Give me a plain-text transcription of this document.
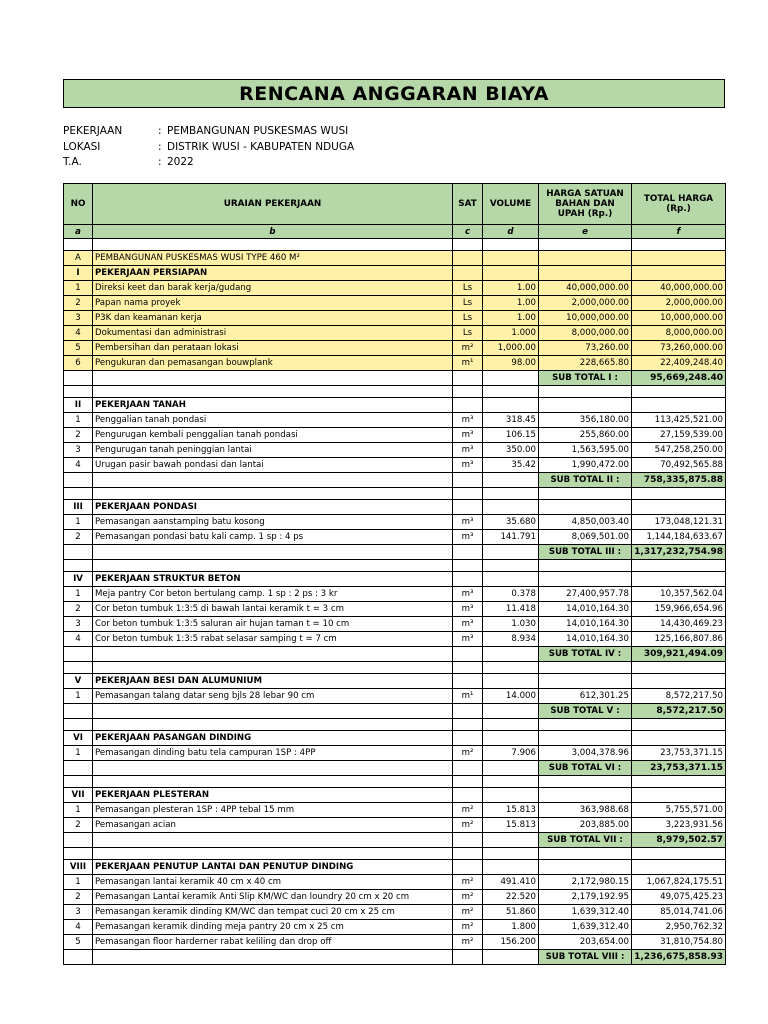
RENCANA ANGGARAN BIAYA
PEKERJAAN	: PEMBANGUNAN PUSKESMAS WUSI
LOKASI	: DISTRIK WUSI - KABUPATEN NDUGA
T.A.	: 2022
NO	URAIAN PEKERJAAN	SAT	VOLUME	HARGA SATUAN BAHAN DAN UPAH (Rp.)	TOTAL HARGA (Rp.)
a	b	c	d	e	f

A	PEMBANGUNAN PUSKESMAS WUSI TYPE 460 M²				
I	PEKERJAAN PERSIAPAN				
1	Direksi keet dan barak kerja/gudang	Ls	1.00	40,000,000.00	40,000,000.00
2	Papan nama proyek	Ls	1.00	2,000,000.00	2,000,000.00
3	P3K dan keamanan kerja	Ls	1.00	10,000,000.00	10,000,000.00
4	Dokumentasi dan administrasi	Ls	1.000	8,000,000.00	8,000,000.00
5	Pembersihan dan perataan lokasi	m²	1,000.00	73,260.00	73,260,000.00
6	Pengukuran dan pemasangan bouwplank	m¹	98.00	228,665.80	22,409,248.40
				SUB TOTAL I :	95,669,248.40

II	PEKERJAAN TANAH				
1	Penggalian tanah pondasi	m³	318.45	356,180.00	113,425,521.00
2	Pengurugan kembali penggalian tanah pondasi	m³	106.15	255,860.00	27,159,539.00
3	Pengurugan tanah peninggian lantai	m³	350.00	1,563,595.00	547,258,250.00
4	Urugan pasir bawah pondasi dan lantai	m³	35.42	1,990,472.00	70,492,565.88
				SUB TOTAL II :	758,335,875.88

III	PEKERJAAN PONDASI				
1	Pemasangan aanstamping batu kosong	m³	35.680	4,850,003.40	173,048,121.31
2	Pemasangan pondasi batu kali camp. 1 sp : 4 ps	m³	141.791	8,069,501.00	1,144,184,633.67
				SUB TOTAL III :	1,317,232,754.98

IV	PEKERJAAN STRUKTUR BETON				
1	Meja pantry Cor beton bertulang camp. 1 sp : 2 ps : 3 kr	m³	0.378	27,400,957.78	10,357,562.04
2	Cor beton tumbuk 1:3:5 di bawah lantai keramik t = 3 cm	m³	11.418	14,010,164.30	159,966,654.96
3	Cor beton tumbuk 1:3:5 saluran air hujan taman t = 10 cm	m³	1.030	14,010,164.30	14,430,469.23
4	Cor beton tumbuk 1:3:5 rabat selasar samping t = 7 cm	m³	8.934	14,010,164.30	125,166,807.86
				SUB TOTAL IV :	309,921,494.09

V	PEKERJAAN BESI DAN ALUMUNIUM				
1	Pemasangan talang datar seng bjls 28 lebar 90 cm	m¹	14.000	612,301.25	8,572,217.50
				SUB TOTAL V :	8,572,217.50

VI	PEKERJAAN PASANGAN DINDING				
1	Pemasangan dinding batu tela campuran 1SP : 4PP	m²	7.906	3,004,378.96	23,753,371.15
				SUB TOTAL VI :	23,753,371.15

VII	PEKERJAAN PLESTERAN				
1	Pemasangan plesteran 1SP : 4PP tebal 15 mm	m²	15.813	363,988.68	5,755,571.00
2	Pemasangan acian	m²	15.813	203,885.00	3,223,931.56
				SUB TOTAL VII :	8,979,502.57

VIII	PEKERJAAN PENUTUP LANTAI DAN PENUTUP DINDING				
1	Pemasangan lantai keramik 40 cm x 40 cm	m²	491.410	2,172,980.15	1,067,824,175.51
2	Pemasangan Lantai keramik Anti Slip KM/WC dan loundry 20 cm x 20 cm	m²	22.520	2,179,192.95	49,075,425.23
3	Pemasangan keramik dinding KM/WC dan tempat cuci 20 cm x 25 cm	m²	51.860	1,639,312.40	85,014,741.06
4	Pemasangan keramik dinding meja pantry 20 cm x 25 cm	m²	1.800	1,639,312.40	2,950,762.32
5	Pemasangan floor harderner rabat keliling dan drop off	m²	156.200	203,654.00	31,810,754.80
				SUB TOTAL VIII :	1,236,675,858.93
